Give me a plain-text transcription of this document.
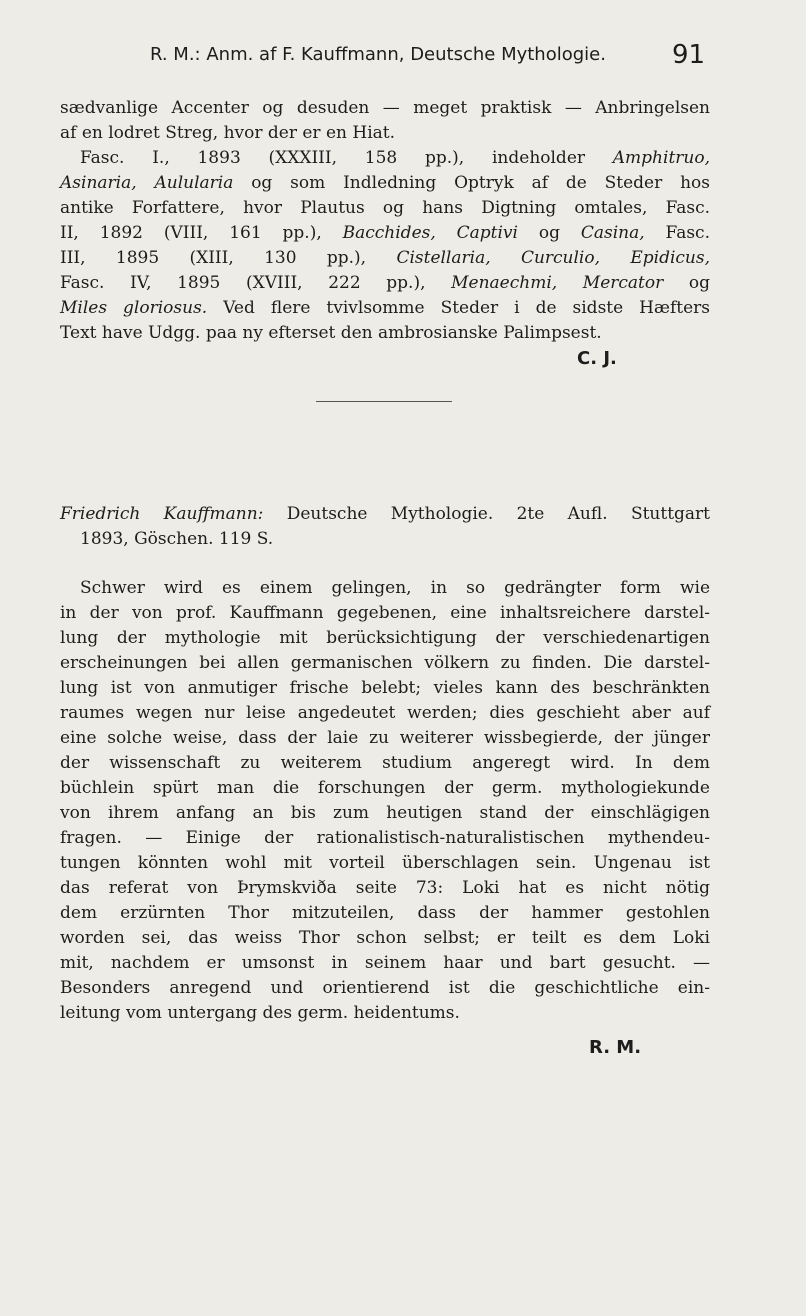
R. M.: Anm. af F. Kauffmann, Deutsche Mythologie.	91
sædvanlige Accenter og desuden — meget praktisk — Anbringelsen
af en lodret Streg, hvor der er en Hiat.
Fasc. I., 1893 (XXXIII, 158 pp.), indeholder Amphitruo,
Asinaria, Aulularia og som Indledning Optryk af de Steder hos
antike Forfattere, hvor Plautus og hans Digtning omtales, Fasc.
II, 1892 (VIII, 161 pp.), Bacchides, Captivi og Casina, Fasc.
III, 1895 (XIII, 130 pp.), Cistellaria, Curculio, Epidicus,
Fasc. IV, 1895 (XVIII, 222 pp.), Menaechmi, Mercator og
Miles gloriosus. Ved flere tvivlsomme Steder i de sidste Hæfters
Text have Udgg. paa ny efterset den ambrosianske Palimpsest.
C. J.
Friedrich Kauffmann: Deutsche Mythologie. 2te Aufl. Stuttgart
1893, Göschen. 119 S.
Schwer wird es einem gelingen, in so gedrängter form wie
in der von prof. Kauffmann gegebenen, eine inhaltsreichere darstel-
lung der mythologie mit berücksichtigung der verschiedenartigen
erscheinungen bei allen germanischen völkern zu finden. Die darstel-
lung ist von anmutiger frische belebt; vieles kann des beschränkten
raumes wegen nur leise angedeutet werden; dies geschieht aber auf
eine solche weise, dass der laie zu weiterer wissbegierde, der jünger
der wissenschaft zu weiterem studium angeregt wird. In dem
büchlein spürt man die forschungen der germ. mythologiekunde
von ihrem anfang an bis zum heutigen stand der einschlägigen
fragen. — Einige der rationalistisch-naturalistischen mythendeu-
tungen könnten wohl mit vorteil überschlagen sein. Ungenau ist
das referat von Þrymskviða seite 73: Loki hat es nicht nötig
dem erzürnten Thor mitzuteilen, dass der hammer gestohlen
worden sei, das weiss Thor schon selbst; er teilt es dem Loki
mit, nachdem er umsonst in seinem haar und bart gesucht. —
Besonders anregend und orientierend ist die geschichtliche ein-
leitung vom untergang des germ. heidentums.
R. M.
